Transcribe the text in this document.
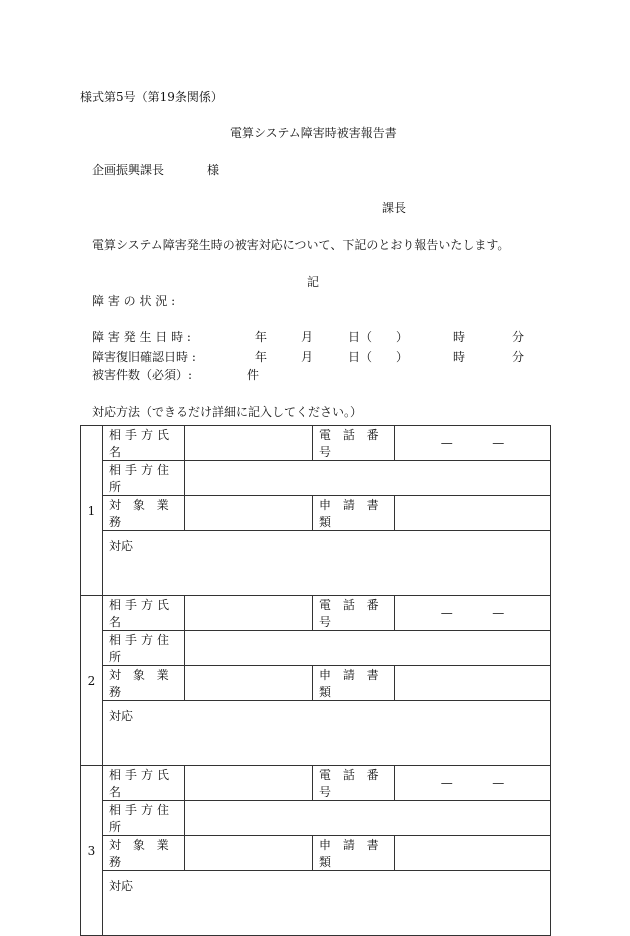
様式第5号（第19条関係）
電算システム障害時被害報告書
企画振興課長	様
課長
電算システム障害発生時の被害対応について、下記のとおり報告いたします。
記
障 害 の 状 況 :
障 害 発 生 日 時 :	年	月	日（　　）	時	分
障害復旧確認日時 :	年	月	日（　　）	時	分
被害件数（必須）:	件
対応方法（できるだけ詳細に記入してください。）
1	相手方氏名		電 話 番 号	— —

	相手方住所			
	対 象 業 務		申 請 書 類	
	対応			
2	相手方氏名		電 話 番 号	— —

	相手方住所			
	対 象 業 務		申 請 書 類	
	対応			
3	相手方氏名		電 話 番 号	— —

	相手方住所			
	対 象 業 務		申 請 書 類	
	対応			
